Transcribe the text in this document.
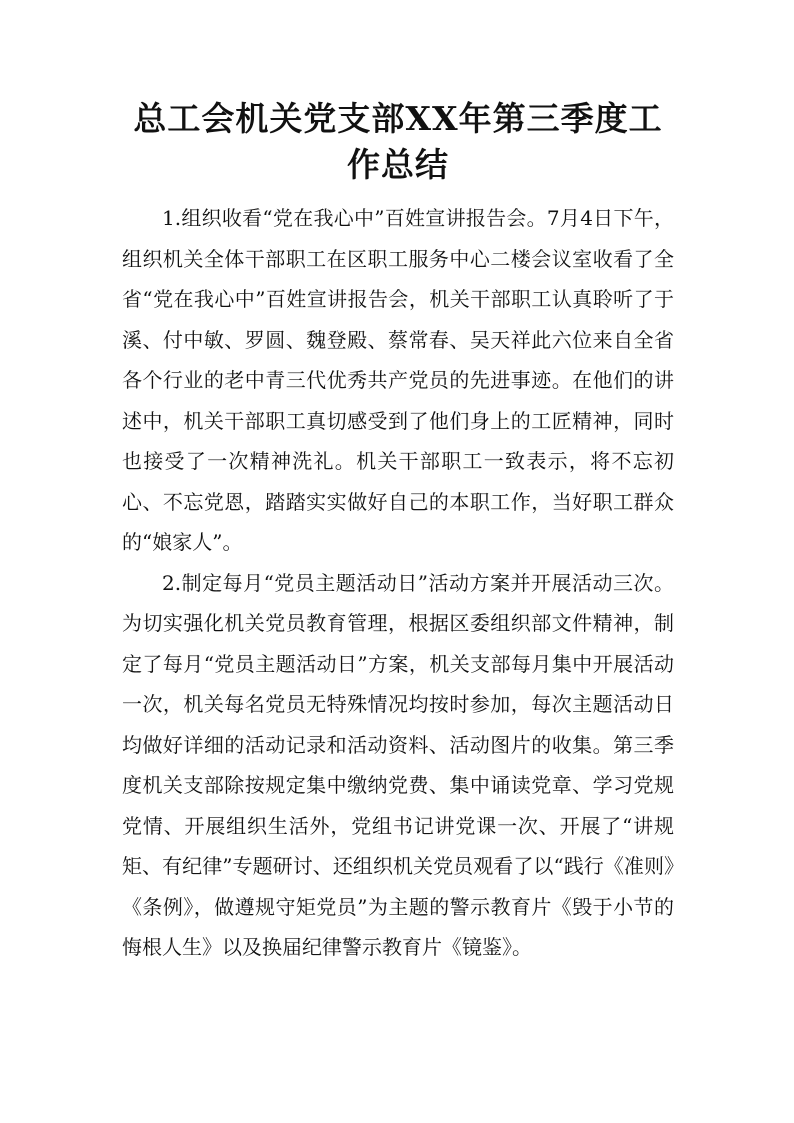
总工会机关党支部XX年第三季度工作总结

1.组织收看“党在我心中”百姓宣讲报告会。7月4日下午，组织机关全体干部职工在区职工服务中心二楼会议室收看了全省“党在我心中”百姓宣讲报告会，机关干部职工认真聆听了于溪、付中敏、罗圆、魏登殿、蔡常春、吴天祥此六位来自全省各个行业的老中青三代优秀共产党员的先进事迹。在他们的讲述中，机关干部职工真切感受到了他们身上的工匠精神，同时也接受了一次精神洗礼。机关干部职工一致表示，将不忘初心、不忘党恩，踏踏实实做好自己的本职工作，当好职工群众的“娘家人”。

2.制定每月“党员主题活动日”活动方案并开展活动三次。为切实强化机关党员教育管理，根据区委组织部文件精神，制定了每月“党员主题活动日”方案，机关支部每月集中开展活动一次，机关每名党员无特殊情况均按时参加，每次主题活动日均做好详细的活动记录和活动资料、活动图片的收集。第三季度机关支部除按规定集中缴纳党费、集中诵读党章、学习党规党情、开展组织生活外，党组书记讲党课一次、开展了“讲规矩、有纪律”专题研讨、还组织机关党员观看了以“践行《准则》《条例》，做遵规守矩党员”为主题的警示教育片《毁于小节的悔根人生》以及换届纪律警示教育片《镜鉴》。
